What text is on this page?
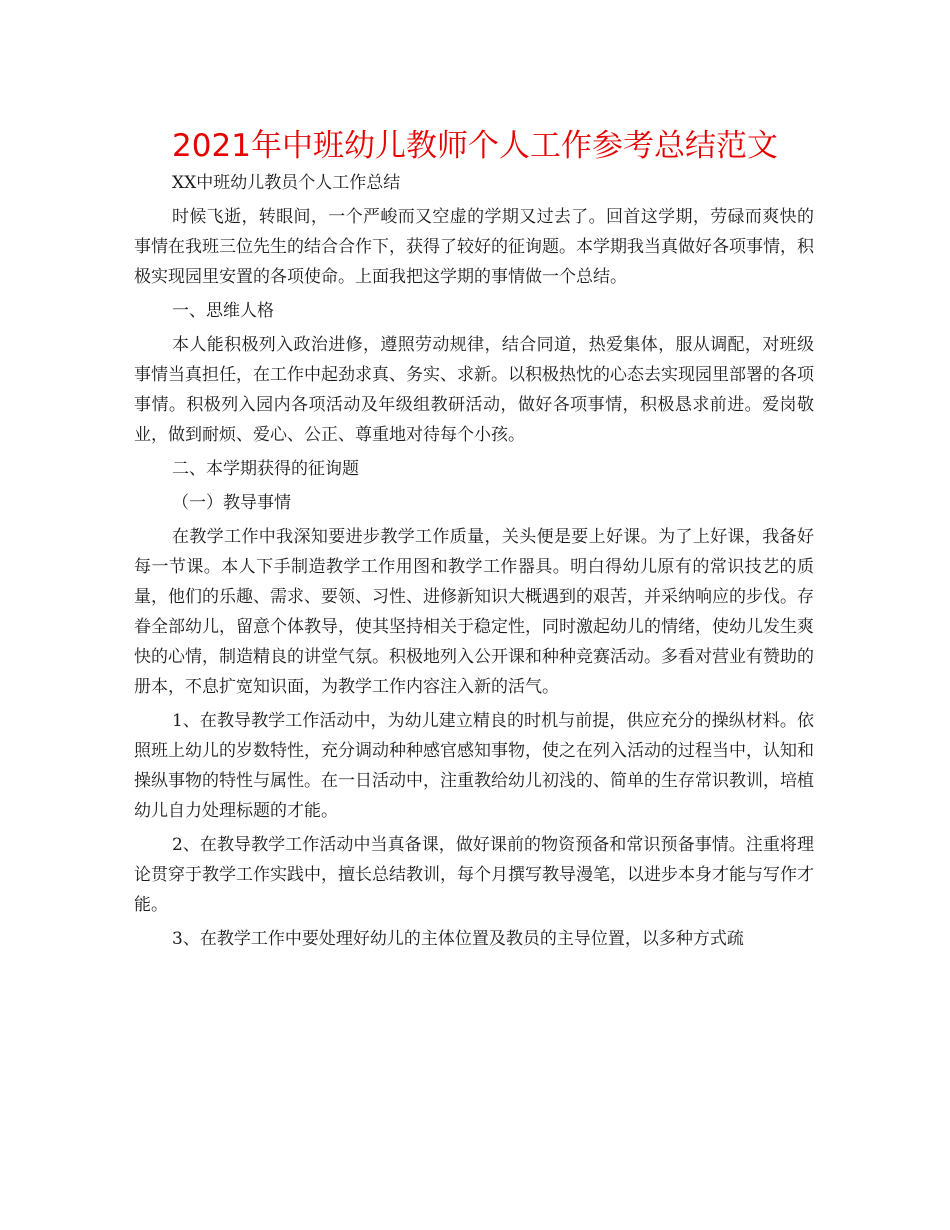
2021年中班幼儿教师个人工作参考总结范文

XX中班幼儿教员个人工作总结

时候飞逝，转眼间，一个严峻而又空虚的学期又过去了。回首这学期，劳碌而爽快的事情在我班三位先生的结合合作下，获得了较好的征询题。本学期我当真做好各项事情，积极实现园里安置的各项使命。上面我把这学期的事情做一个总结。

一、思维人格

本人能积极列入政治进修，遵照劳动规律，结合同道，热爱集体，服从调配，对班级事情当真担任，在工作中起劲求真、务实、求新。以积极热忱的心态去实现园里部署的各项事情。积极列入园内各项活动及年级组教研活动，做好各项事情，积极恳求前进。爱岗敬业，做到耐烦、爱心、公正、尊重地对待每个小孩。

二、本学期获得的征询题

（一）教导事情

在教学工作中我深知要进步教学工作质量，关头便是要上好课。为了上好课，我备好每一节课。本人下手制造教学工作用图和教学工作器具。明白得幼儿原有的常识技艺的质量，他们的乐趣、需求、要领、习性、进修新知识大概遇到的艰苦，并采纳响应的步伐。存眷全部幼儿，留意个体教导，使其坚持相关于稳定性，同时激起幼儿的情绪，使幼儿发生爽快的心情，制造精良的讲堂气氛。积极地列入公开课和种种竞赛活动。多看对营业有赞助的册本，不息扩宽知识面，为教学工作内容注入新的活气。

1、在教导教学工作活动中，为幼儿建立精良的时机与前提，供应充分的操纵材料。依照班上幼儿的岁数特性，充分调动种种感官感知事物，使之在列入活动的过程当中，认知和操纵事物的特性与属性。在一日活动中，注重教给幼儿初浅的、简单的生存常识教训，培植幼儿自力处理标题的才能。

2、在教导教学工作活动中当真备课，做好课前的物资预备和常识预备事情。注重将理论贯穿于教学工作实践中，擅长总结教训，每个月撰写教导漫笔，以进步本身才能与写作才能。

3、在教学工作中要处理好幼儿的主体位置及教员的主导位置，以多种方式疏
